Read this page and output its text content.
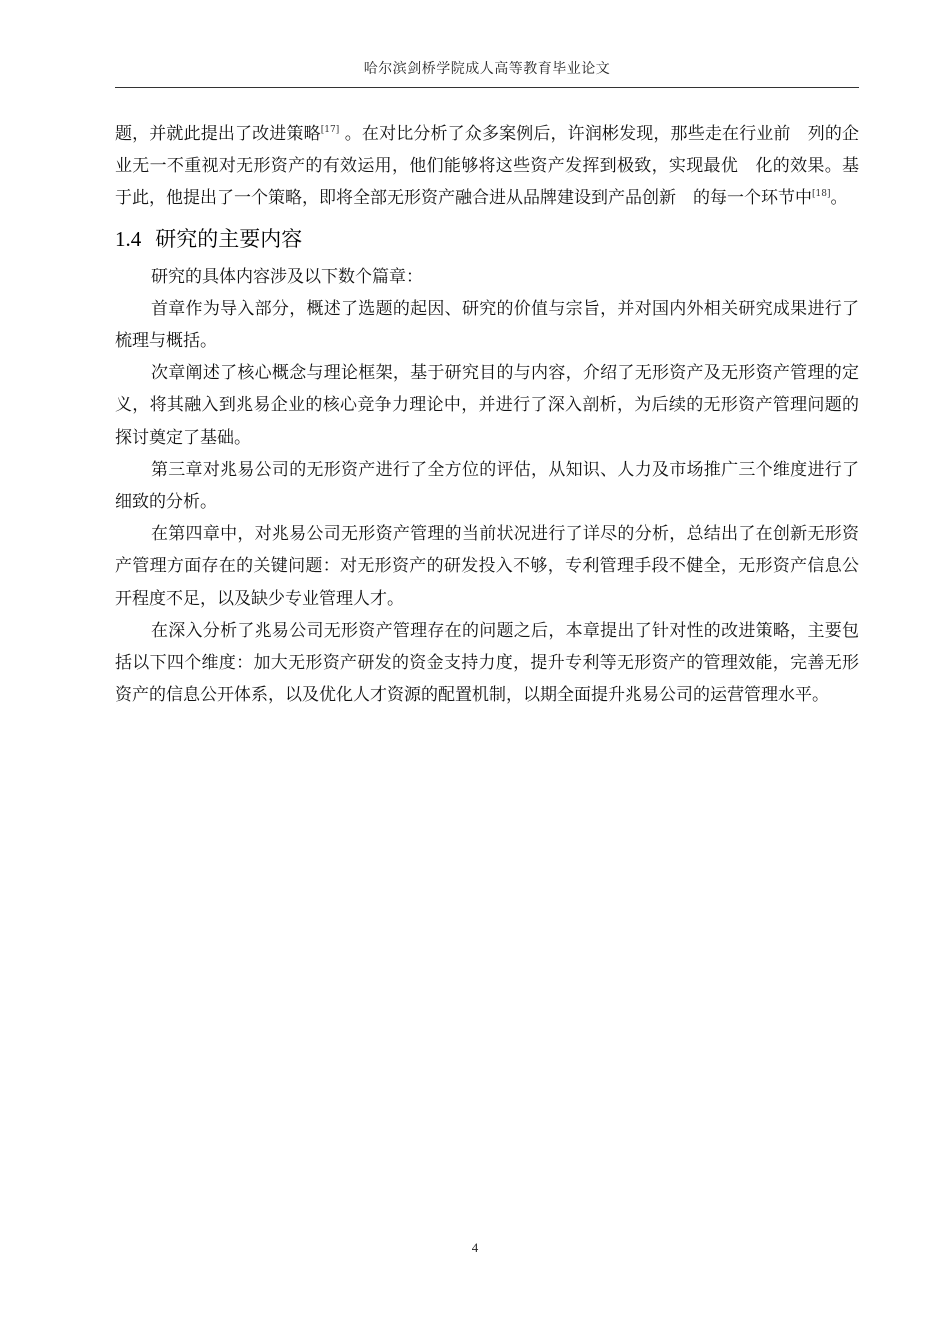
哈尔滨剑桥学院成人高等教育毕业论文

题，并就此提出了改进策略[17] 。在对比分析了众多案例后，许润彬发现，那些走在行业前　列的企业无一不重视对无形资产的有效运用，他们能够将这些资产发挥到极致，实现最优　化的效果。基于此，他提出了一个策略，即将全部无形资产融合进从品牌建设到产品创新　的每一个环节中[18]。

1.4 研究的主要内容

研究的具体内容涉及以下数个篇章：

首章作为导入部分，概述了选题的起因、研究的价值与宗旨，并对国内外相关研究成果进行了梳理与概括。

次章阐述了核心概念与理论框架，基于研究目的与内容，介绍了无形资产及无形资产管理的定义，将其融入到兆易企业的核心竞争力理论中，并进行了深入剖析，为后续的无形资产管理问题的探讨奠定了基础。

第三章对兆易公司的无形资产进行了全方位的评估，从知识、人力及市场推广三个维度进行了细致的分析。

在第四章中，对兆易公司无形资产管理的当前状况进行了详尽的分析，总结出了在创新无形资产管理方面存在的关键问题：对无形资产的研发投入不够，专利管理手段不健全，无形资产信息公开程度不足，以及缺少专业管理人才。

在深入分析了兆易公司无形资产管理存在的问题之后，本章提出了针对性的改进策略，主要包括以下四个维度：加大无形资产研发的资金支持力度，提升专利等无形资产的管理效能，完善无形资产的信息公开体系，以及优化人才资源的配置机制，以期全面提升兆易公司的运营管理水平。

4
